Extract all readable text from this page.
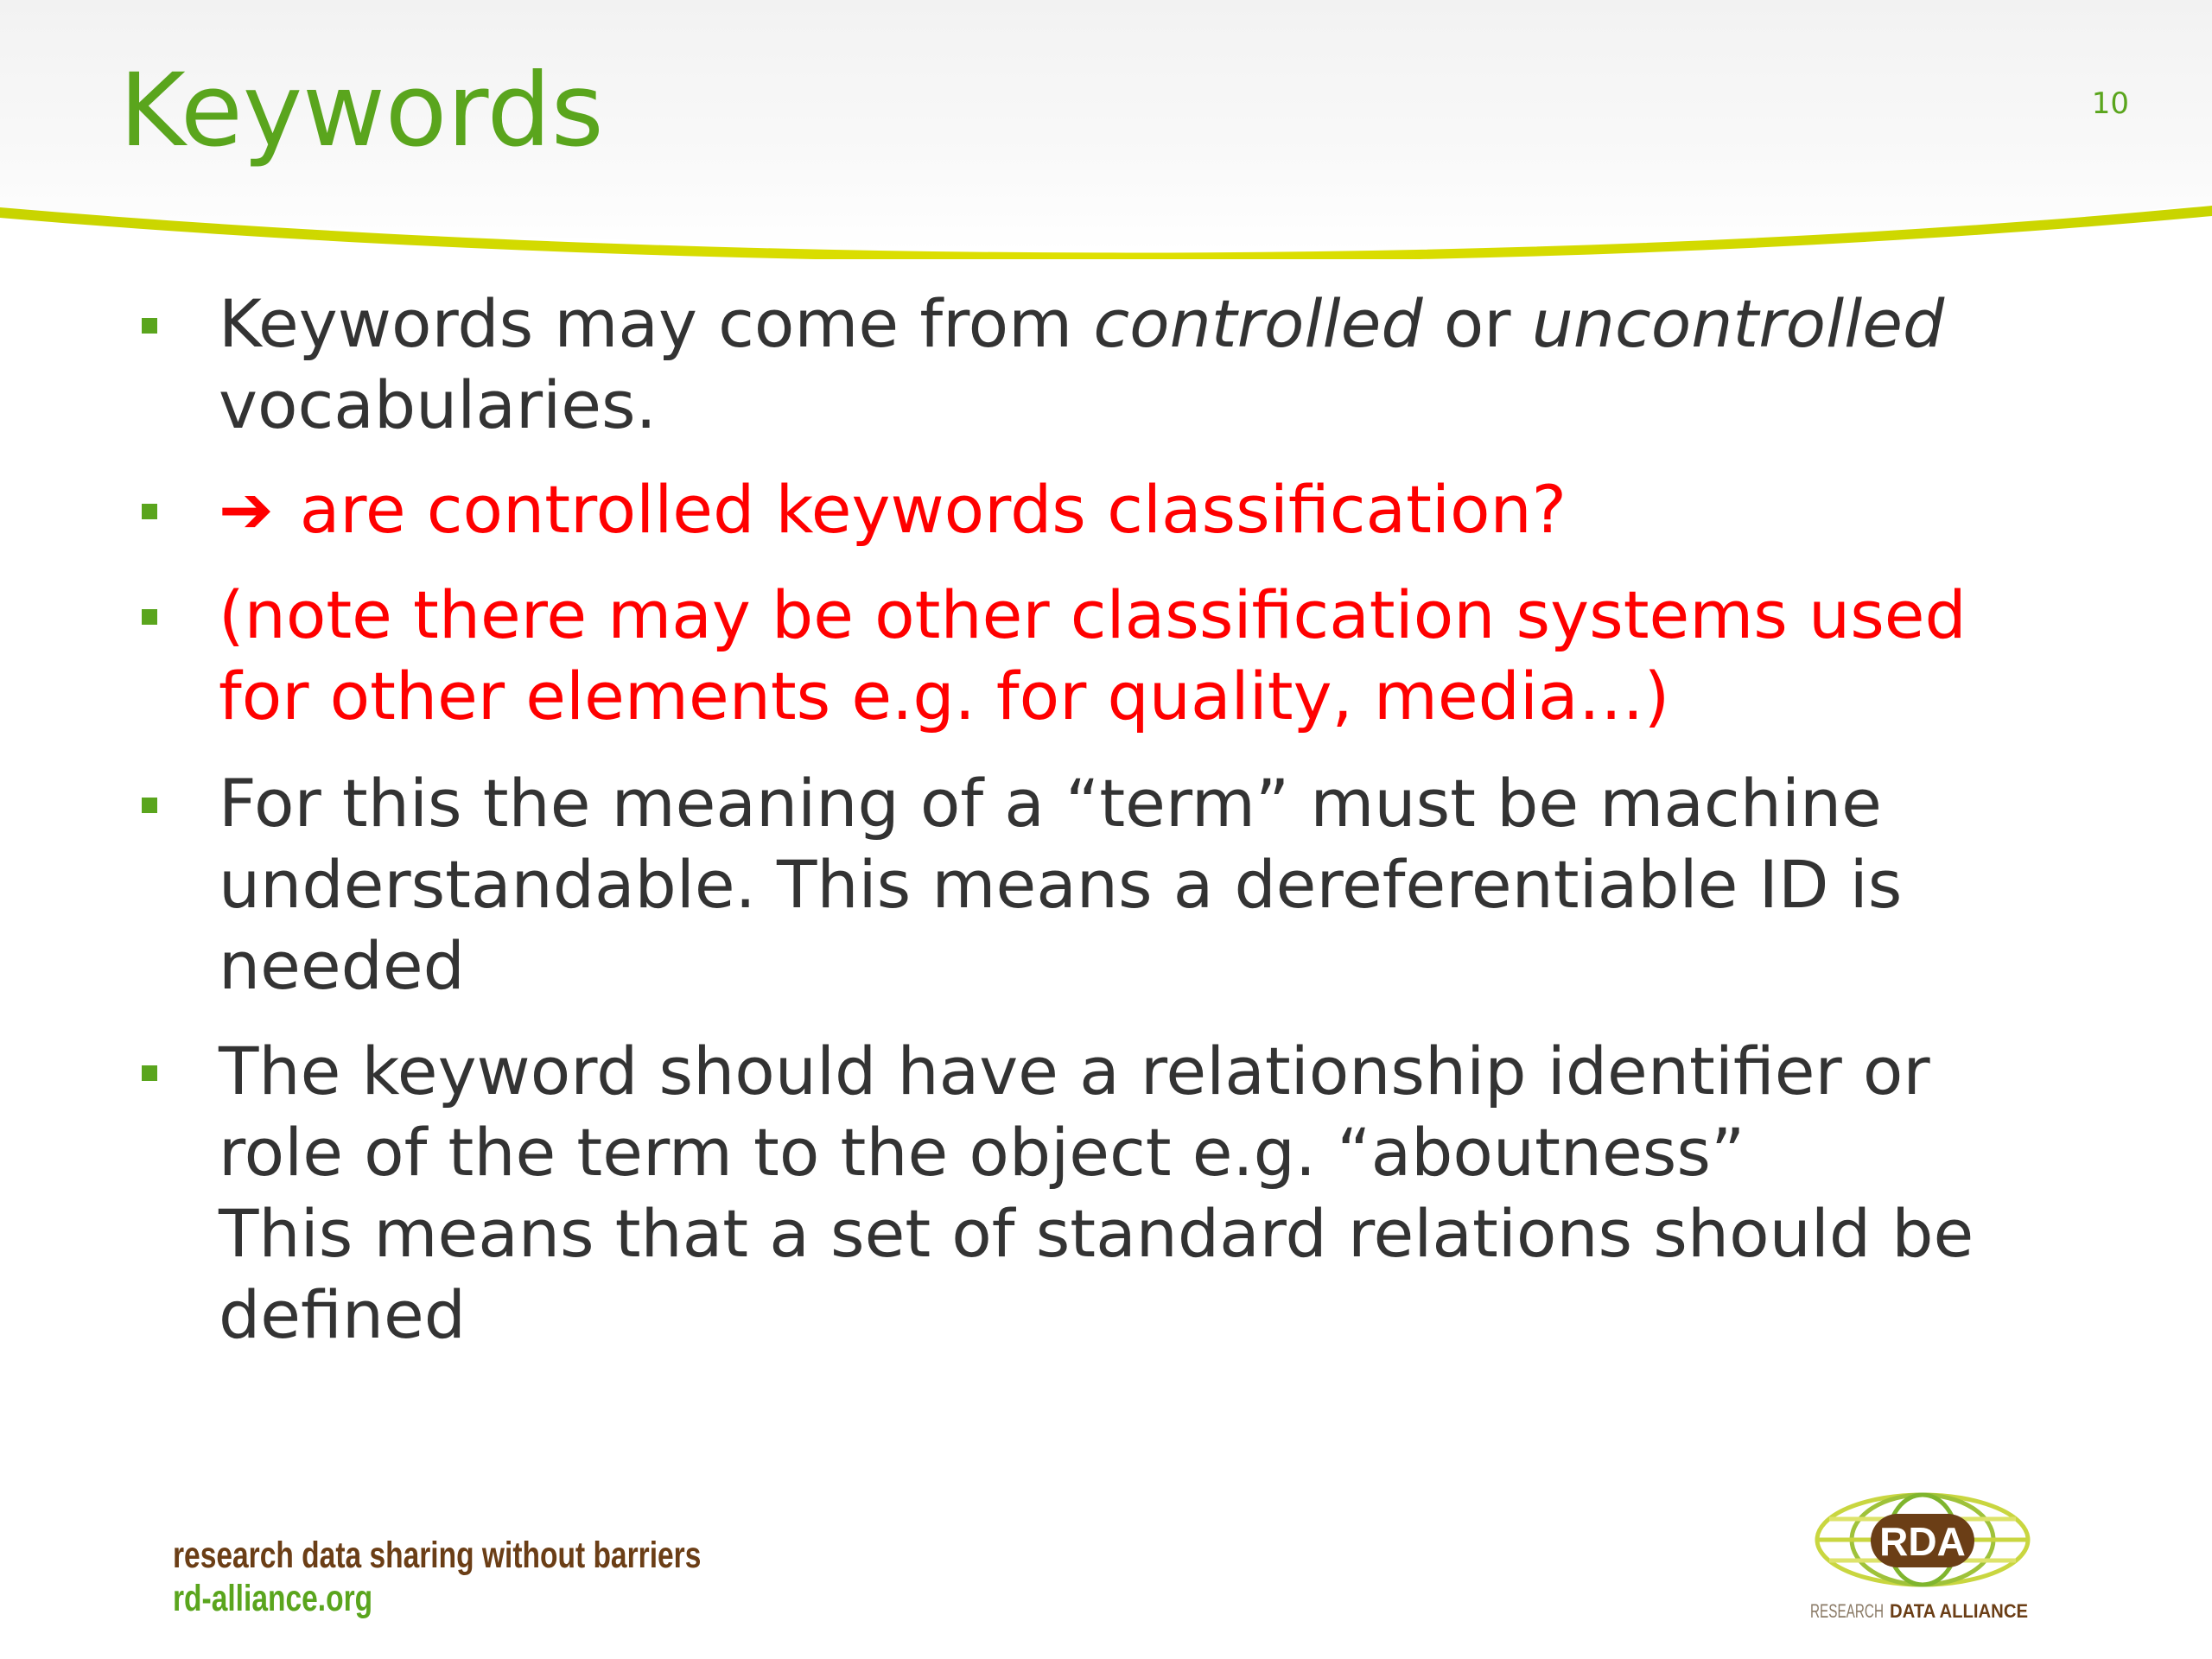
Keywords	10
Keywords may come from controlled or uncontrolled
vocabularies.
➔ are controlled keywords classification?
(note there may be other classification systems used
for other elements e.g. for quality, media…)
For this the meaning of a “term” must be machine
understandable. This means a dereferentiable ID is
needed
The keyword should have a relationship identifier or
role of the term to the object e.g. “aboutness”
This means that a set of standard relations should be
defined
research data sharing without barriers
rd-alliance.org
RDA
RESEARCH DATA ALLIANCE
